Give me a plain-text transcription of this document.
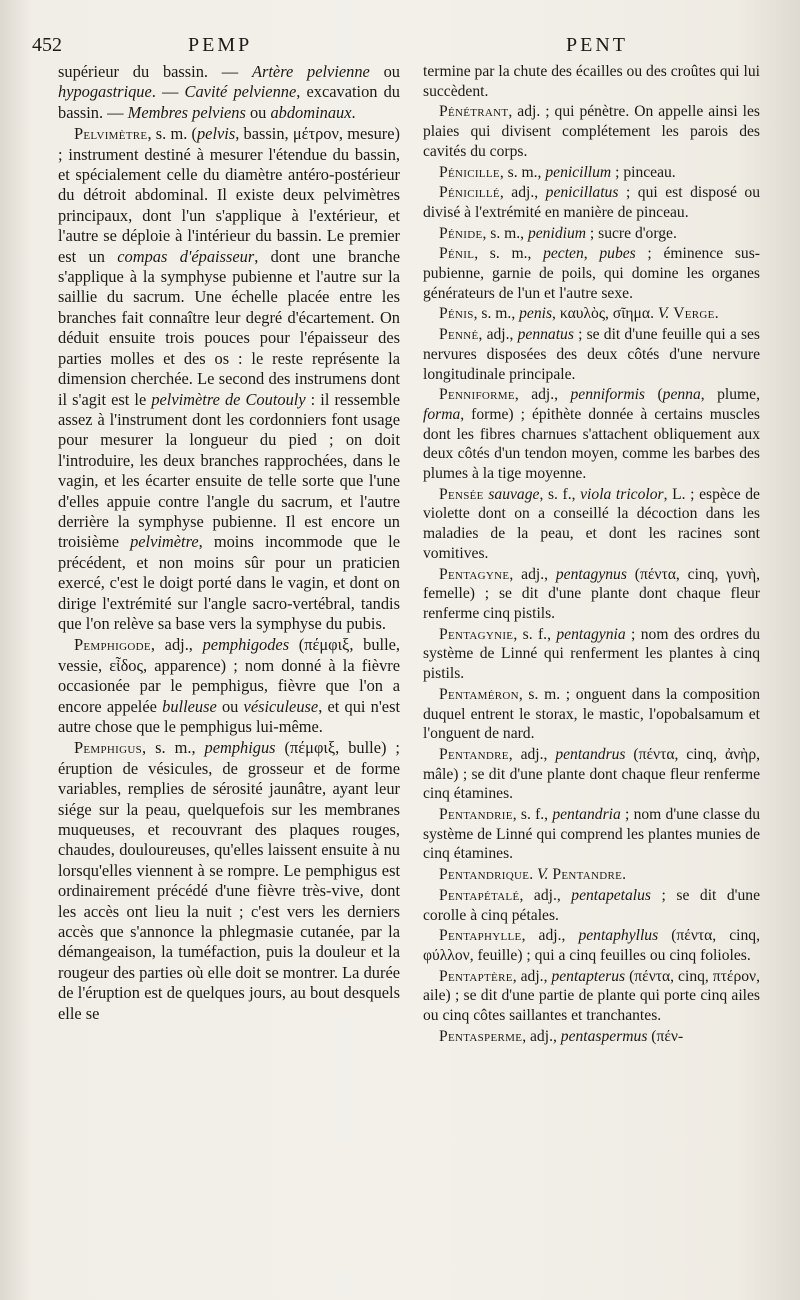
452	PEMP	PENT

supérieur du bassin. — Artère pelvienne ou hypogastrique. — Cavité pelvienne, excavation du bassin. — Membres pelviens ou abdominaux.

Pelvimètre, s. m. (pelvis, bassin, μέτρον, mesure) ; instrument destiné à mesurer l'étendue du bassin, et spécialement celle du diamètre antéro-postérieur du détroit abdominal. Il existe deux pelvimètres principaux, dont l'un s'applique à l'extérieur, et l'autre se déploie à l'intérieur du bassin. Le premier est un compas d'épaisseur, dont une branche s'applique à la symphyse pubienne et l'autre sur la saillie du sacrum. Une échelle placée entre les branches fait connaître leur degré d'écartement. On déduit ensuite trois pouces pour l'épaisseur des parties molles et des os : le reste représente la dimension cherchée. Le second des instrumens dont il s'agit est le pelvimètre de Coutouly : il ressemble assez à l'instrument dont les cordonniers font usage pour mesurer la longueur du pied ; on doit l'introduire, les deux branches rapprochées, dans le vagin, et les écarter ensuite de telle sorte que l'une d'elles appuie contre l'angle du sacrum, et l'autre derrière la symphyse pubienne. Il est encore un troisième pelvimètre, moins incommode que le précédent, et non moins sûr pour un praticien exercé, c'est le doigt porté dans le vagin, et dont on dirige l'extrémité sur l'angle sacro-vertébral, tandis que l'on relève sa base vers la symphyse du pubis.

Pemphigode, adj., pemphigodes (πέμφιξ, bulle, vessie, εἶδος, apparence) ; nom donné à la fièvre occasionée par le pemphigus, fièvre que l'on a encore appelée bulleuse ou vésiculeuse, et qui n'est autre chose que le pemphigus lui-même.

Pemphigus, s. m., pemphigus (πέμφιξ, bulle) ; éruption de vésicules, de grosseur et de forme variables, remplies de sérosité jaunâtre, ayant leur siége sur la peau, quelquefois sur les membranes muqueuses, et recouvrant des plaques rouges, chaudes, douloureuses, qu'elles laissent ensuite à nu lorsqu'elles viennent à se rompre. Le pemphigus est ordinairement précédé d'une fièvre très-vive, dont les accès ont lieu la nuit ; c'est vers les derniers accès que s'annonce la phlegmasie cutanée, par la démangeaison, la tuméfaction, puis la douleur et la rougeur des parties où elle doit se montrer. La durée de l'éruption est de quelques jours, au bout desquels elle se

termine par la chute des écailles ou des croûtes qui lui succèdent.

Pénétrant, adj. ; qui pénètre. On appelle ainsi les plaies qui divisent complétement les parois des cavités du corps.

Pénicille, s. m., penicillum ; pinceau.

Pénicillé, adj., penicillatus ; qui est disposé ou divisé à l'extrémité en manière de pinceau.

Pénide, s. m., penidium ; sucre d'orge.

Pénil, s. m., pecten, pubes ; éminence sus-pubienne, garnie de poils, qui domine les organes générateurs de l'un et l'autre sexe.

Pénis, s. m., penis, καυλὸς, σῖημα. V. Verge.

Penné, adj., pennatus ; se dit d'une feuille qui a ses nervures disposées des deux côtés d'une nervure longitudinale principale.

Penniforme, adj., penniformis (penna, plume, forma, forme) ; épithète donnée à certains muscles dont les fibres charnues s'attachent obliquement aux deux côtés d'un tendon moyen, comme les barbes des plumes à la tige moyenne.

Pensée sauvage, s. f., viola tricolor, L. ; espèce de violette dont on a conseillé la décoction dans les maladies de la peau, et dont les racines sont vomitives.

Pentagyne, adj., pentagynus (πέντα, cinq, γυνὴ, femelle) ; se dit d'une plante dont chaque fleur renferme cinq pistils.

Pentagynie, s. f., pentagynia ; nom des ordres du système de Linné qui renferment les plantes à cinq pistils.

Pentaméron, s. m. ; onguent dans la composition duquel entrent le storax, le mastic, l'opobalsamum et l'onguent de nard.

Pentandre, adj., pentandrus (πέντα, cinq, ἀνὴρ, mâle) ; se dit d'une plante dont chaque fleur renferme cinq étamines.

Pentandrie, s. f., pentandria ; nom d'une classe du système de Linné qui comprend les plantes munies de cinq étamines.

Pentandrique. V. Pentandre.

Pentapétalé, adj., pentapetalus ; se dit d'une corolle à cinq pétales.

Pentaphylle, adj., pentaphyllus (πέντα, cinq, φύλλον, feuille) ; qui a cinq feuilles ou cinq folioles.

Pentaptère, adj., pentapterus (πέντα, cinq, πτέρον, aile) ; se dit d'une partie de plante qui porte cinq ailes ou cinq côtes saillantes et tranchantes.

Pentasperme, adj., pentaspermus (πέν-
